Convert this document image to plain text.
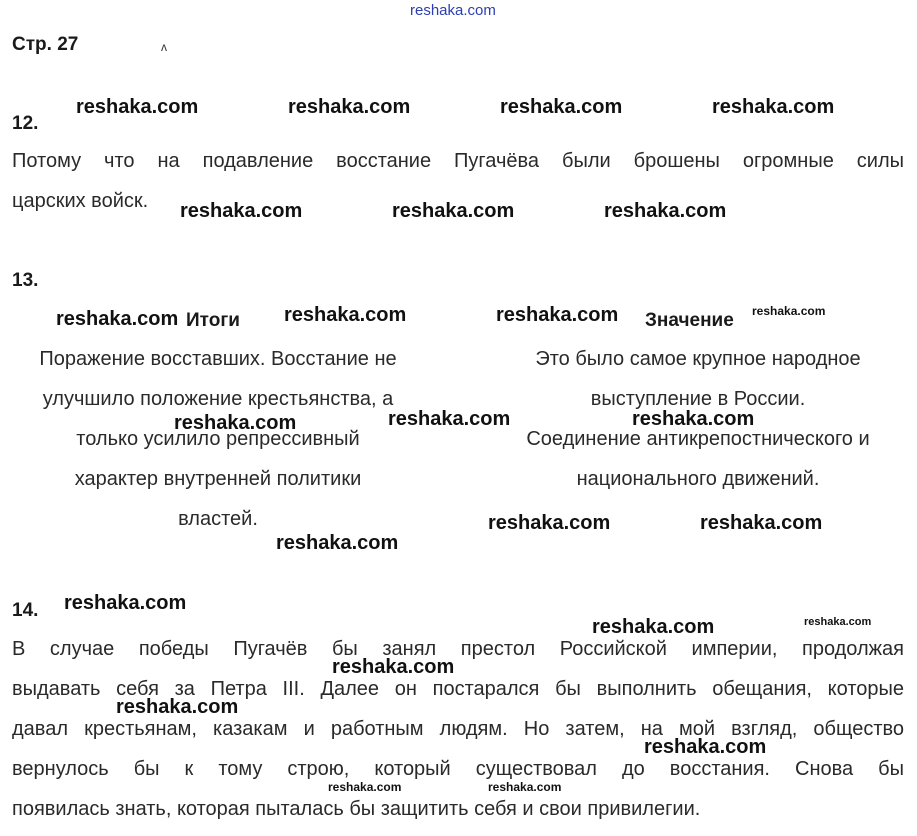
reshaka.com
Стр. 27	ʌ
12.
Потому что на подавление восстание Пугачёва были брошены огромные силы
царских войск.
13.
Итоги	Значение
Поражение восставших. Восстание не
улучшило положение крестьянства, а
только усилило репрессивный
характер внутренней политики
властей.
Это было самое крупное народное
выступление в России.
Соединение антикрепостнического и
национального движений.
14.
В случае победы Пугачёв бы занял престол Российской империи, продолжая
выдавать себя за Петра III. Далее он постарался бы выполнить обещания, которые
давал крестьянам, казакам и работным людям. Но затем, на мой взгляд, общество
вернулось бы к тому строю, который существовал до восстания. Снова бы
появилась знать, которая пыталась бы защитить себя и свои привилегии.
reshaka.com	reshaka.com	reshaka.com	reshaka.com
reshaka.com	reshaka.com	reshaka.com
reshaka.com	reshaka.com	reshaka.com	reshaka.com
reshaka.com	reshaka.com	reshaka.com
reshaka.com	reshaka.com
reshaka.com
reshaka.com
reshaka.com	reshaka.com
reshaka.com
reshaka.com
reshaka.com
reshaka.com	reshaka.com
